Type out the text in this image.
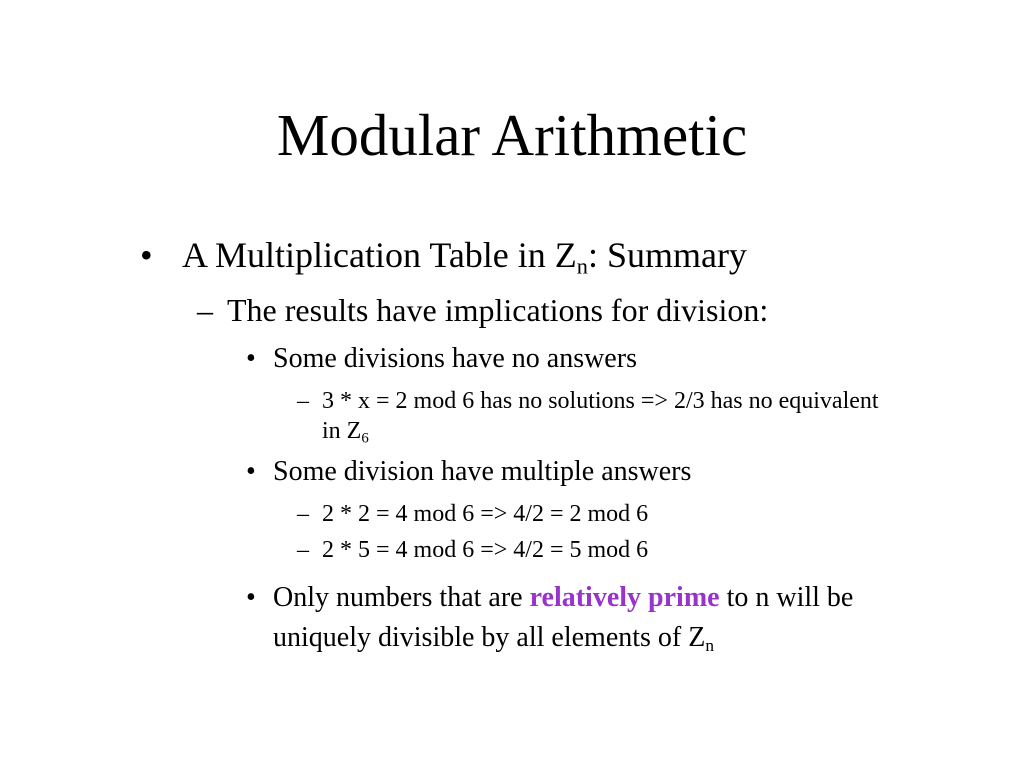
Modular Arithmetic
• A Multiplication Table in $Z_n$: Summary
– The results have implications for division:
• Some divisions have no answers
– 3 * x = 2 mod 6 has no solutions => 2/3 has no equivalent
in $Z_6$
• Some division have multiple answers
– 2 * 2 = 4 mod 6 => 4/2 = 2 mod 6
– 2 * 5 = 4 mod 6 => 4/2 = 5 mod 6
• Only numbers that are relatively prime to n will be
uniquely divisible by all elements of $Z_n$
